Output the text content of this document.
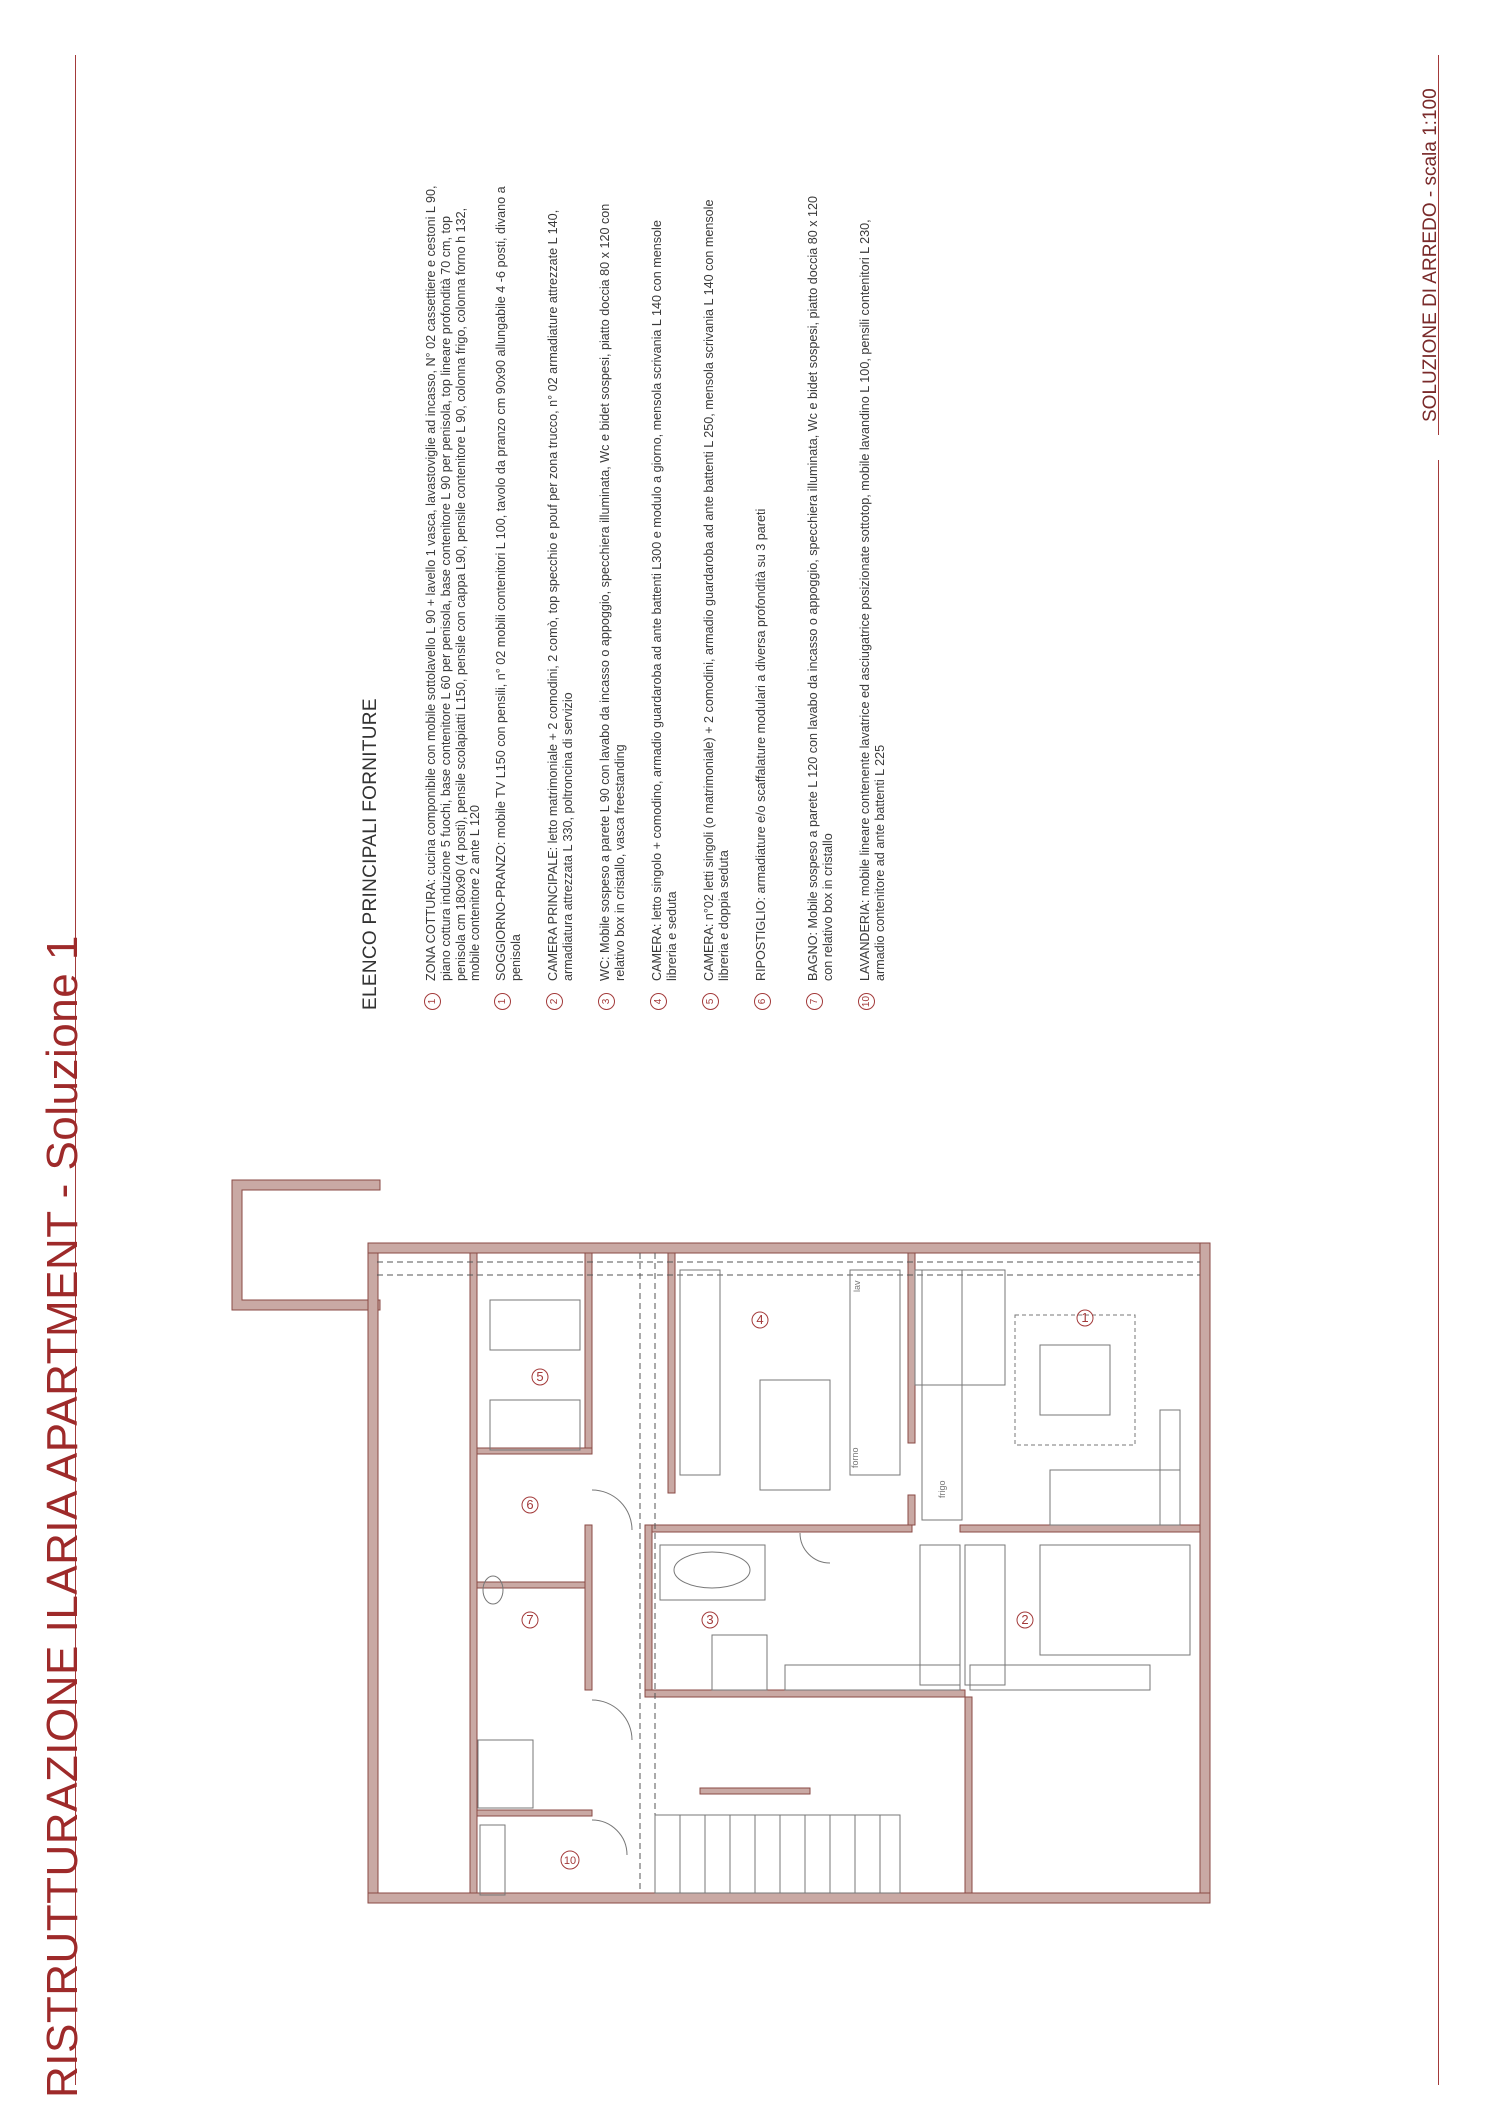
RISTRUTTURAZIONE ILARIA APARTMENT - Soluzione 1
SOLUZIONE DI ARREDO - scala 1:100
ELENCO PRINCIPALI FORNITURE	1
ZONA COTTURA: cucina componibile con mobile sottolavello L 90 + lavello 1 vasca, lavastoviglie ad incasso, N° 02 cassettiere e cestoni L 90, piano cottura induzione 5 fuochi, base contenitore L 60 per penisola, base contenitore L 90 per penisola, top lineare profondità 70 cm, top penisola cm 180x90 (4 posti), pensile scolapiatti L150, pensile con cappa L90, pensile contenitore L 90, colonna frigo, colonna forno h 132, mobile contenitore 2 ante L 120
1
SOGGIORNO-PRANZO: mobile TV L150 con pensili, n° 02 mobili contenitori L 100, tavolo da pranzo cm 90x90 allungabile 4 -6 posti, divano a penisola
2
CAMERA PRINCIPALE: letto matrimoniale + 2 comodini, 2 comò, top specchio e pouf per zona trucco, n° 02 armadiature attrezzate L 140, armadiatura attrezzata L 330, poltroncina di servizio
3
WC: Mobile sospeso a parete L 90 con lavabo da incasso o appoggio, specchiera illuminata, Wc e bidet sospesi, piatto doccia 80 x 120 con relativo box in cristallo, vasca freestanding
4
CAMERA: letto singolo + comodino, armadio guardaroba ad ante battenti L300 e modulo a giorno, mensola scrivania L 140 con mensole libreria e seduta
5
CAMERA: n°02 letti singoli (o matrimoniale) + 2 comodini, armadio guardaroba ad ante battenti L 250, mensola scrivania L 140 con mensole libreria e doppia seduta
6
RIPOSTIGLIO: armadiature e/o scaffalature modulari a diversa profondità su 3 pareti
7
BAGNO: Mobile sospeso a parete L 120 con lavabo da incasso o appoggio, specchiera illuminata, Wc e bidet sospesi, piatto doccia 80 x 120 con relativo box in cristallo
10
LAVANDERIA: mobile lineare contenente lavatrice ed asciugatrice posizionate sottotop, mobile lavandino L 100, pensili contenitori L 230, armadio contenitore ad ante battenti L 225
1
2
3
4
5
6
7
10
forno
frigo
lav
